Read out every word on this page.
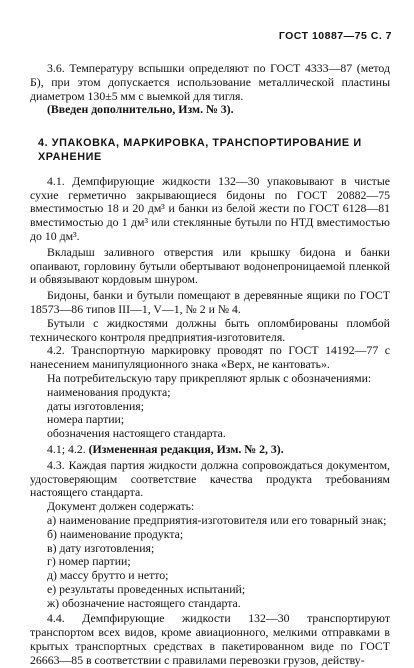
ГОСТ 10887—75 С. 7

3.6. Температуру вспышки определяют по ГОСТ 4333—87 (метод Б), при этом допускается использование металлической пластины диаметром 130±5 мм с выемкой для тигля.

(Введен дополнительно, Изм. № 3).

4. УПАКОВКА, МАРКИРОВКА, ТРАНСПОРТИРОВАНИЕ И ХРАНЕНИЕ

4.1. Демпфирующие жидкости 132—30 упаковывают в чистые сухие герметично закрывающиеся бидоны по ГОСТ 20882—75 вместимостью 18 и 20 дм³ и банки из белой жести по ГОСТ 6128—81 вместимостью до 1 дм³ или стеклянные бутыли по НТД вместимостью до 10 дм³.

Вкладыш заливного отверстия или крышку бидона и банки опаивают, горловину бутыли обертывают водонепроницаемой пленкой и обвязывают кордовым шнуром.

Бидоны, банки и бутыли помещают в деревянные ящики по ГОСТ 18573—86 типов III—1, V—1, № 2 и № 4.

Бутыли с жидкостями должны быть опломбированы пломбой технического контроля предприятия-изготовителя.

4.2. Транспортную маркировку проводят по ГОСТ 14192—77 с нанесением манипуляционного знака «Верх, не кантовать».

На потребительскую тару прикрепляют ярлык с обозначениями:

наименования продукта;
даты изготовления;
номера партии;
обозначения настоящего стандарта.

4.1; 4.2. (Измененная редакция, Изм. № 2, 3).

4.3. Каждая партия жидкости должна сопровождаться документом, удостоверяющим соответствие качества продукта требованиям настоящего стандарта.

Документ должен содержать:

а) наименование предприятия-изготовителя или его товарный знак;
б) наименование продукта;
в) дату изготовления;
г) номер партии;
д) массу брутто и нетто;
е) результаты проведенных испытаний;
ж) обозначение настоящего стандарта.

4.4. Демпфирующие жидкости 132—30 транспортируют транспортом всех видов, кроме авиационного, мелкими отправками в крытых транспортных средствах в пакетированном виде по ГОСТ 26663—85 в соответствии с правилами перевозки грузов, действу-
